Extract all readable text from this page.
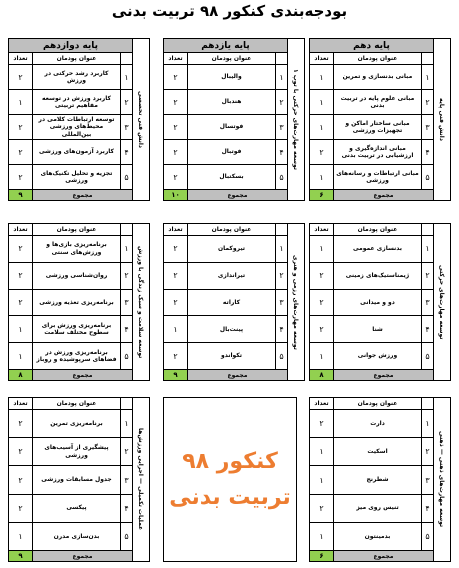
بودجه‌بندی کنکور ۹۸ تربیت بدنی
دانش فنی پایه
پایه دهم
عنوان پودمان
تعداد
۱
مبانی بدنسازی و تمرین
۱
۲
مبانی علوم پایه در تربیت بدنی
۱
۳
مبانی ساختار اماکن و تجهیزات ورزشی
۱
۴
مبانی اندازه‌گیری و ارزشیابی در تربیت بدنی
۲
۵
مبانی ارتباطات و رسانه‌های ورزشی
۱
مجموع
۶
توسعه مهارت‌های حرکتی با توپ ۱
پایه یازدهم
عنوان پودمان
تعداد
۱
والیبال
۲
۲
هندبال
۲
۳
فوتسال
۲
۴
فوتبال
۲
۵
بسکتبال
۲
مجموع
۱۰
دانش فنی تخصصی
پایه دوازدهم
عنوان پودمان
تعداد
۱
کاربرد رشد حرکتی در ورزش
۲
۲
کاربرد ورزش در توسعه مفاهیم تربیتی
۱
۳
توسعه ارتباطات کلامی در محیط‌های ورزشی بین‌المللی
۲
۴
کاربرد آزمون‌های ورزشی
۲
۵
تجزیه و تحلیل تکنیک‌های ورزشی
۲
مجموع
۹
توسعه مهارت‌های حرکتی
عنوان پودمان
تعداد
۱
بدنسازی عمومی
۱
۲
ژیمناستیک‌های زمینی
۲
۳
دو و میدانی
۲
۴
شنا
۲
۵
ورزش جوانی
۱
مجموع
۸
توسعه مهارت‌های رزمی و هنری
عنوان پودمان
تعداد
۱
تیروکمان
۲
۲
تیراندازی
۲
۳
کاراته
۲
۴
پینت‌بال
۱
۵
تکواندو
۲
مجموع
۹
توسعه سلامت و سبک زندگی با ورزش
عنوان پودمان
تعداد
۱
برنامه‌ریزی بازی‌ها و ورزش‌های سنتی
۲
۲
روان‌شناسی ورزشی
۲
۳
برنامه‌ریزی تغذیه ورزشی
۲
۴
برنامه‌ریزی ورزش برای سطوح مختلف سلامت
۱
۵
برنامه‌ریزی ورزش در فضاهای سرپوشیده و روباز
۱
مجموع
۸
توسعه مهارت‌های ذهنی — ذهنی
عنوان پودمان
تعداد
۱
دارت
۲
۲
اسکیت
۱
۳
شطرنج
۱
۴
تنیس روی میز
۲
۵
بدمینتون
۱
مجموع
۶
عملیات تکمیلی — اجرایی ورزش‌ها
عنوان پودمان
تعداد
۱
برنامه‌ریزی تمرین
۲
۲
پیشگیری از آسیب‌های ورزشی
۲
۳
جدول مسابقات ورزشی
۲
۴
پیکسی
۲
۵
بدن‌سازی مدرن
۱
مجموع
۹
کنکور ۹۸
تربیت بدنی
